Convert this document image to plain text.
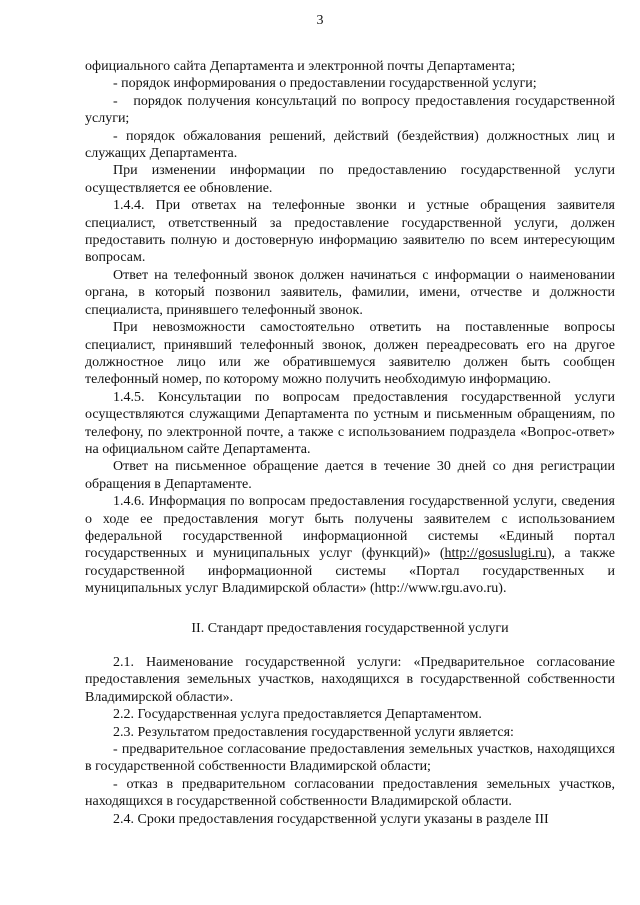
3

официального сайта Департамента и электронной почты Департамента;

- порядок информирования о предоставлении государственной услуги;

-   порядок получения консультаций по вопросу предоставления государственной услуги;

- порядок обжалования решений, действий (бездействия) должностных лиц и служащих Департамента.

При изменении информации по предоставлению государственной услуги осуществляется ее обновление.

1.4.4. При ответах на телефонные звонки и устные обращения заявителя специалист, ответственный за предоставление государственной услуги, должен предоставить полную и достоверную информацию заявителю по всем интересующим вопросам.

Ответ на телефонный звонок должен начинаться с информации о наименовании органа, в который позвонил заявитель, фамилии, имени, отчестве и должности специалиста, принявшего телефонный звонок.

При невозможности самостоятельно ответить на поставленные вопросы специалист, принявший телефонный звонок, должен переадресовать его на другое должностное лицо или же обратившемуся заявителю должен быть сообщен телефонный номер, по которому можно получить необходимую информацию.

1.4.5. Консультации по вопросам предоставления государственной услуги осуществляются служащими Департамента по устным и письменным обращениям, по телефону, по электронной почте, а также с использованием подраздела «Вопрос-ответ» на официальном сайте Департамента.

Ответ на письменное обращение дается в течение 30 дней со дня регистрации обращения в Департаменте.

1.4.6. Информация по вопросам предоставления государственной услуги, сведения о ходе ее предоставления могут быть получены заявителем с использованием федеральной государственной информационной системы «Единый портал государственных и муниципальных услуг (функций)» (http://gosuslugi.ru), а также государственной информационной системы «Портал государственных и муниципальных услуг Владимирской области» (http://www.rgu.avo.ru).

II. Стандарт предоставления государственной услуги

2.1. Наименование государственной услуги: «Предварительное согласование предоставления земельных участков, находящихся в государственной собственности Владимирской области».

2.2. Государственная услуга предоставляется Департаментом.

2.3. Результатом предоставления государственной услуги является:

- предварительное согласование предоставления земельных участков, находящихся в государственной собственности Владимирской области;

- отказ в предварительном согласовании предоставления земельных участков, находящихся в государственной собственности Владимирской области.

2.4. Сроки предоставления государственной услуги указаны в разделе III
